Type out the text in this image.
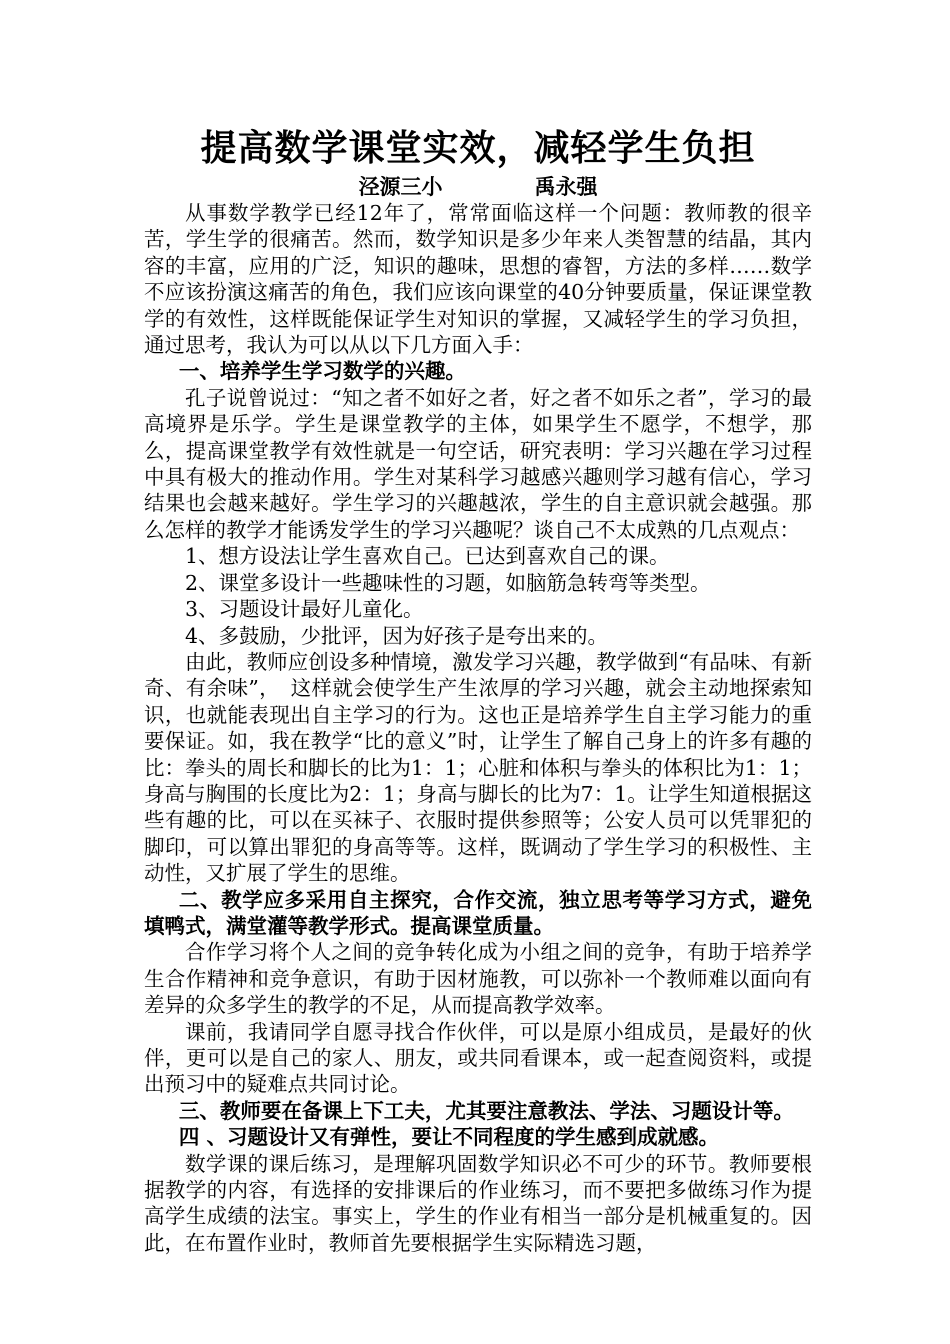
提高数学课堂实效，减轻学生负担
泾源三小	禹永强

从事数学教学已经12年了，常常面临这样一个问题：教师教的很辛苦，学生学的很痛苦。然而，数学知识是多少年来人类智慧的结晶，其内容的丰富，应用的广泛，知识的趣味，思想的睿智，方法的多样……数学不应该扮演这痛苦的角色，我们应该向课堂的40分钟要质量，保证课堂教学的有效性，这样既能保证学生对知识的掌握，又减轻学生的学习负担，通过思考，我认为可以从以下几方面入手：

一、培养学生学习数学的兴趣。

孔子说曾说过：“知之者不如好之者，好之者不如乐之者”，学习的最高境界是乐学。学生是课堂教学的主体，如果学生不愿学，不想学，那么，提高课堂教学有效性就是一句空话，研究表明：学习兴趣在学习过程中具有极大的推动作用。学生对某科学习越感兴趣则学习越有信心，学习结果也会越来越好。学生学习的兴趣越浓，学生的自主意识就会越强。那么怎样的教学才能诱发学生的学习兴趣呢？谈自己不太成熟的几点观点：

1、想方设法让学生喜欢自己。已达到喜欢自己的课。

2、课堂多设计一些趣味性的习题，如脑筋急转弯等类型。

3、习题设计最好儿童化。

4、多鼓励，少批评，因为好孩子是夸出来的。

由此，教师应创设多种情境，激发学习兴趣，教学做到“有品味、有新奇、有余味”，　这样就会使学生产生浓厚的学习兴趣，就会主动地探索知识，也就能表现出自主学习的行为。这也正是培养学生自主学习能力的重要保证。如，我在教学“比的意义”时，让学生了解自己身上的许多有趣的比：拳头的周长和脚长的比为1：1；心脏和体积与拳头的体积比为1：1；身高与胸围的长度比为2：1；身高与脚长的比为7：1。让学生知道根据这些有趣的比，可以在买袜子、衣服时提供参照等；公安人员可以凭罪犯的脚印，可以算出罪犯的身高等等。这样，既调动了学生学习的积极性、主动性，又扩展了学生的思维。

二、教学应多采用自主探究，合作交流，独立思考等学习方式，避免填鸭式，满堂灌等教学形式。提高课堂质量。

合作学习将个人之间的竞争转化成为小组之间的竞争，有助于培养学生合作精神和竞争意识，有助于因材施教，可以弥补一个教师难以面向有差异的众多学生的教学的不足，从而提高教学效率。

课前，我请同学自愿寻找合作伙伴，可以是原小组成员，是最好的伙伴，更可以是自己的家人、朋友，或共同看课本，或一起查阅资料，或提出预习中的疑难点共同讨论。

三、教师要在备课上下工夫，尤其要注意教法、学法、习题设计等。
四 、习题设计又有弹性，要让不同程度的学生感到成就感。

数学课的课后练习，是理解巩固数学知识必不可少的环节。教师要根据教学的内容，有选择的安排课后的作业练习，而不要把多做练习作为提高学生成绩的法宝。事实上，学生的作业有相当一部分是机械重复的。因此，在布置作业时，教师首先要根据学生实际精选习题，
